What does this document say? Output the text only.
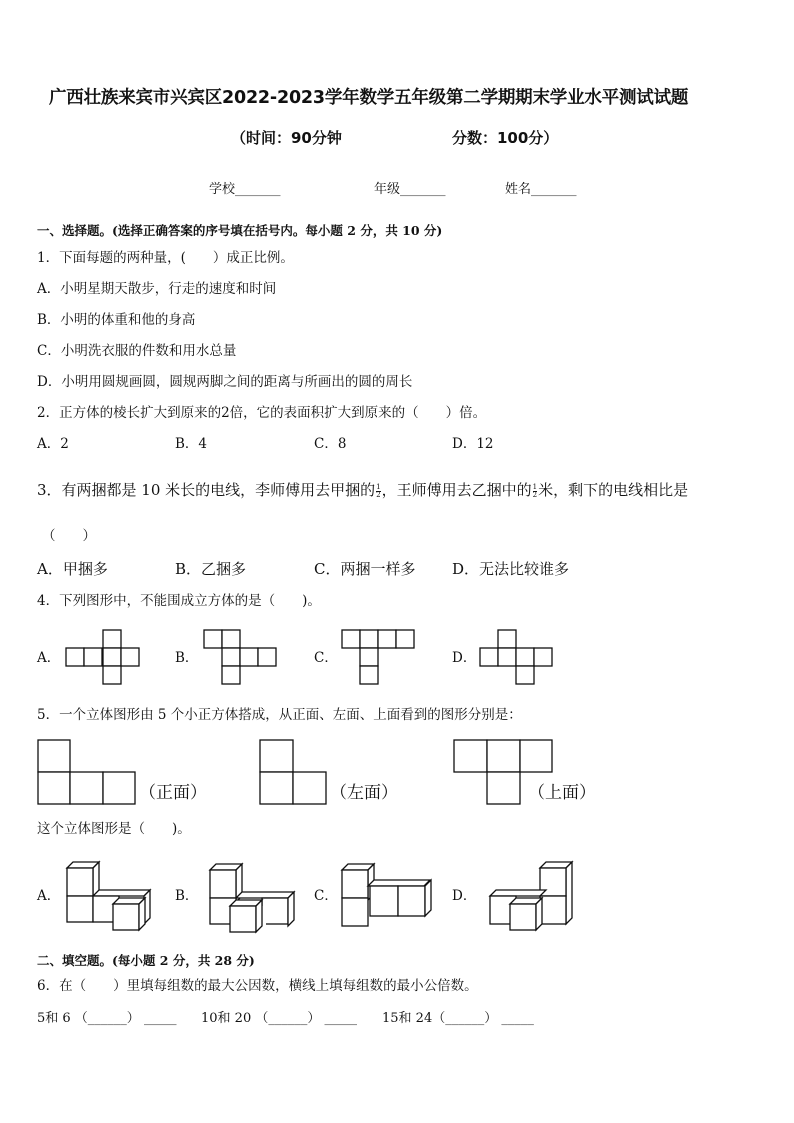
广西壮族来宾市兴宾区2022-2023学年数学五年级第二学期期末学业水平测试试题
（时间：90分钟	分数：100分）
学校_______	年级_______	姓名_______
一、选择题。(选择正确答案的序号填在括号内。每小题 2 分，共 10 分)
1．下面每题的两种量，(　　）成正比例。
A．小明星期天散步，行走的速度和时间
B．小明的体重和他的身高
C．小明洗衣服的件数和用水总量
D．小明用圆规画圆，圆规两脚之间的距离与所画出的圆的周长
2．正方体的棱长扩大到原来的2倍，它的表面积扩大到原来的（　　）倍。
A．2	B．4	C．8	D．12
3．有两捆都是 10 米长的电线，李师傅用去甲捆的 $\frac{1}{2}$ ，王师傅用去乙捆中的 $\frac{1}{2}$ 米，剩下的电线相比是
（　　）
A．甲捆多	B．乙捆多	C．两捆一样多 D．无法比较谁多
4．下列图形中，不能围成立方体的是（　　)。
A．	B．	C．	D．
5．一个立体图形由 5 个小正方体搭成，从正面、左面、上面看到的图形分别是：
（正面）	（左面）	（上面）
这个立体图形是（　　)。
A．	B．	C．	D．
二、填空题。(每小题 2 分，共 28 分)
6．在（　　）里填每组数的最大公因数，横线上填每组数的最小公倍数。
5和 6 （______） _____ 10和 20 （______） _____ 15和 24（______） _____
